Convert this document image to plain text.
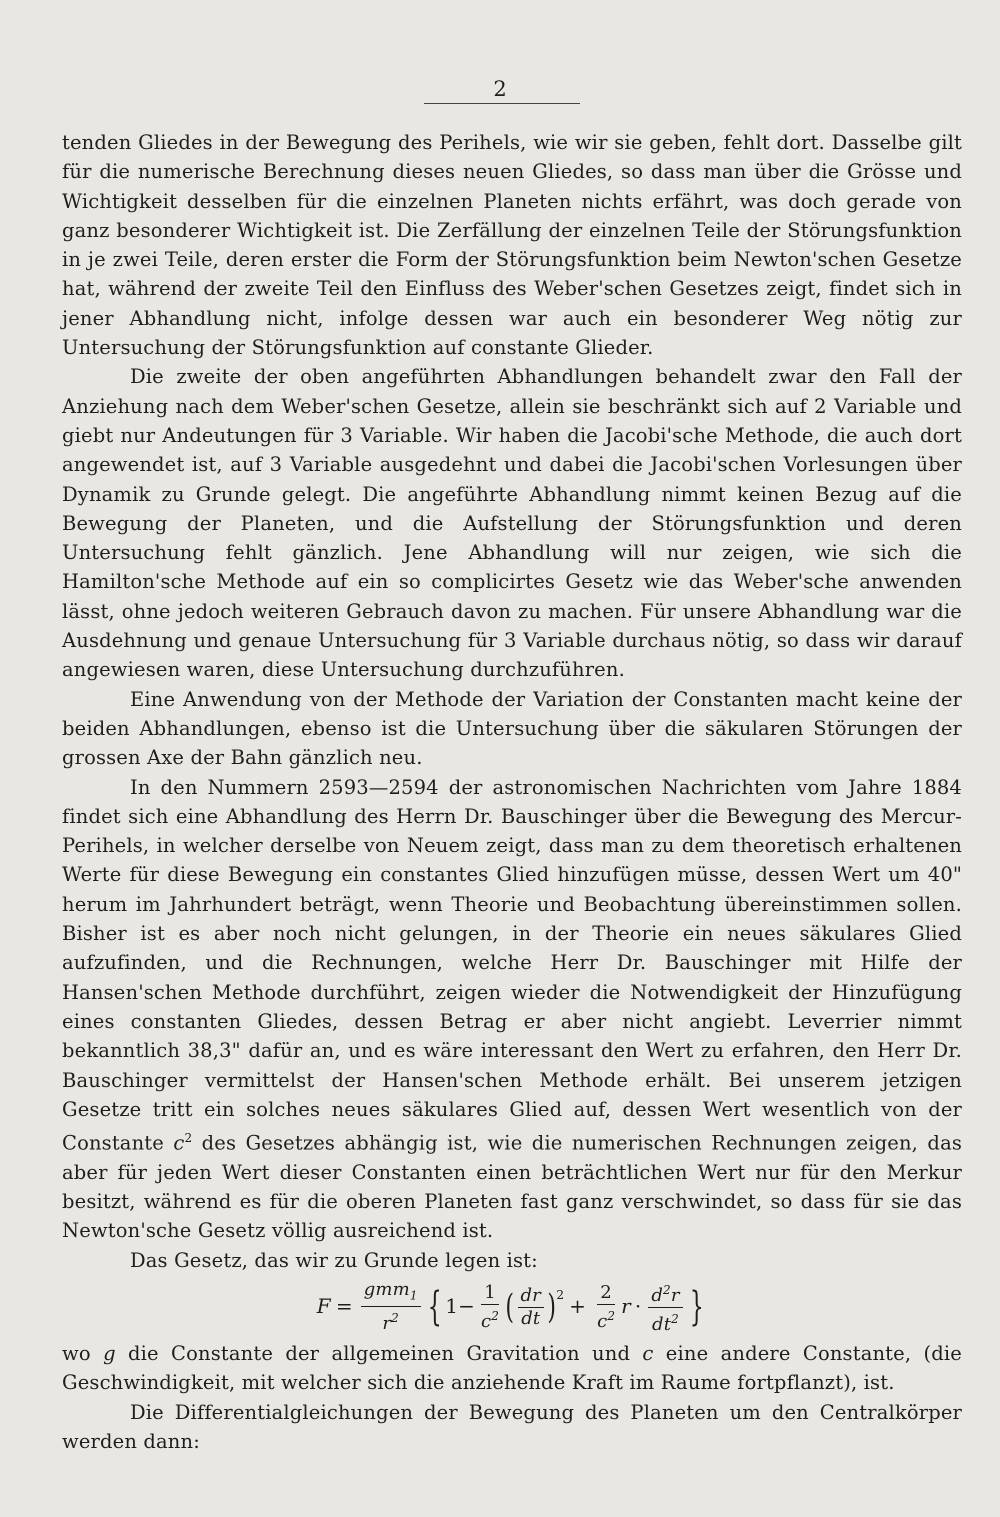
2

tenden Gliedes in der Bewegung des Perihels, wie wir sie geben, fehlt dort. Dasselbe gilt für die numerische Berechnung dieses neuen Gliedes, so dass man über die Grösse und Wichtigkeit desselben für die einzelnen Planeten nichts erfährt, was doch gerade von ganz besonderer Wichtigkeit ist. Die Zerfällung der einzelnen Teile der Störungsfunktion in je zwei Teile, deren erster die Form der Störungsfunktion beim Newton'schen Gesetze hat, während der zweite Teil den Einfluss des Weber'schen Gesetzes zeigt, findet sich in jener Abhandlung nicht, infolge dessen war auch ein besonderer Weg nötig zur Untersuchung der Störungsfunktion auf constante Glieder.

Die zweite der oben angeführten Abhandlungen behandelt zwar den Fall der Anziehung nach dem Weber'schen Gesetze, allein sie beschränkt sich auf 2 Variable und giebt nur Andeutungen für 3 Variable. Wir haben die Jacobi'sche Methode, die auch dort angewendet ist, auf 3 Variable ausgedehnt und dabei die Jacobi'schen Vorlesungen über Dynamik zu Grunde gelegt. Die angeführte Abhandlung nimmt keinen Bezug auf die Bewegung der Planeten, und die Aufstellung der Störungsfunktion und deren Untersuchung fehlt gänzlich. Jene Abhandlung will nur zeigen, wie sich die Hamilton'sche Methode auf ein so complicirtes Gesetz wie das Weber'sche anwenden lässt, ohne jedoch weiteren Gebrauch davon zu machen. Für unsere Abhandlung war die Ausdehnung und genaue Untersuchung für 3 Variable durchaus nötig, so dass wir darauf angewiesen waren, diese Untersuchung durchzuführen.

Eine Anwendung von der Methode der Variation der Constanten macht keine der beiden Abhandlungen, ebenso ist die Untersuchung über die säkularen Störungen der grossen Axe der Bahn gänzlich neu.

In den Nummern 2593—2594 der astronomischen Nachrichten vom Jahre 1884 findet sich eine Abhandlung des Herrn Dr. Bauschinger über die Bewegung des Mercur-Perihels, in welcher derselbe von Neuem zeigt, dass man zu dem theoretisch erhaltenen Werte für diese Bewegung ein constantes Glied hinzufügen müsse, dessen Wert um 40" herum im Jahrhundert beträgt, wenn Theorie und Beobachtung übereinstimmen sollen. Bisher ist es aber noch nicht gelungen, in der Theorie ein neues säkulares Glied aufzufinden, und die Rechnungen, welche Herr Dr. Bauschinger mit Hilfe der Hansen'schen Methode durchführt, zeigen wieder die Notwendigkeit der Hinzufügung eines constanten Gliedes, dessen Betrag er aber nicht angiebt. Leverrier nimmt bekanntlich 38,3" dafür an, und es wäre interessant den Wert zu erfahren, den Herr Dr. Bauschinger vermittelst der Hansen'schen Methode erhält. Bei unserem jetzigen Gesetze tritt ein solches neues säkulares Glied auf, dessen Wert wesentlich von der Constante $c^2$ des Gesetzes abhängig ist, wie die numerischen Rechnungen zeigen, das aber für jeden Wert dieser Constanten einen beträchtlichen Wert nur für den Merkur besitzt, während es für die oberen Planeten fast ganz verschwindet, so dass für sie das Newton'sche Gesetz völlig ausreichend ist.

Das Gesetz, das wir zu Grunde legen ist:

$F = \frac{gmm_1}{r^2}$ { $1 - \frac{1}{c^2}$ ( $\frac{dr}{dt} )^2 + \frac{2}{c^2}$ $r \cdot \frac{d^2r}{dt^2}$ }

wo g die Constante der allgemeinen Gravitation und c eine andere Constante, (die Geschwindigkeit, mit welcher sich die anziehende Kraft im Raume fortpflanzt), ist.

Die Differentialgleichungen der Bewegung des Planeten um den Centralkörper werden dann:
